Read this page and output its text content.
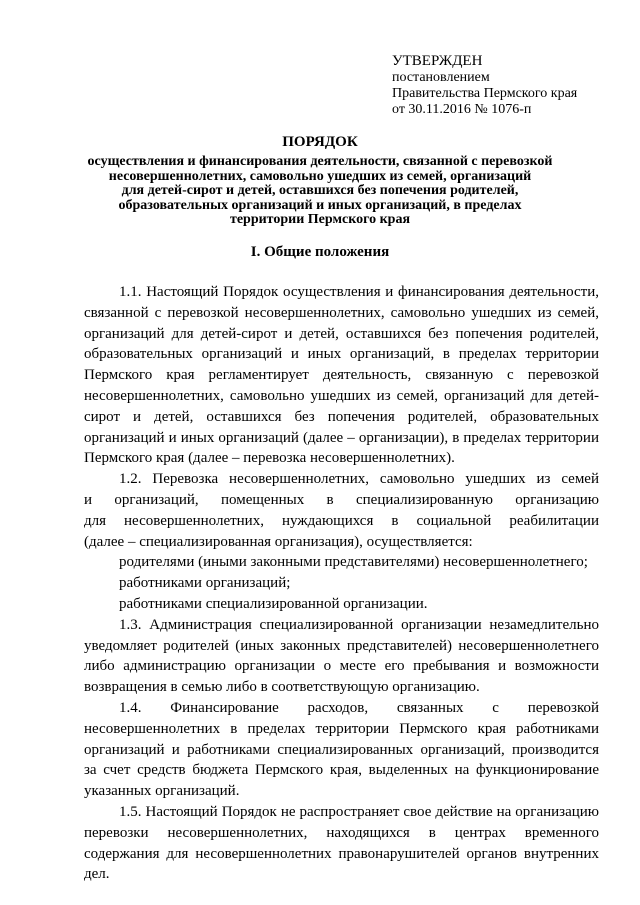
УТВЕРЖДЕН
постановлением
Правительства Пермского края
от 30.11.2016 № 1076-п
ПОРЯДОК
осуществления и финансирования деятельности, связанной с перевозкой
несовершеннолетних, самовольно ушедших из семей, организаций
для детей-сирот и детей, оставшихся без попечения родителей,
образовательных организаций и иных организаций, в пределах
территории Пермского края
I. Общие положения
1.1. Настоящий Порядок осуществления и финансирования деятельности,
связанной с перевозкой несовершеннолетних, самовольно ушедших из семей,
организаций для детей-сирот и детей, оставшихся без попечения родителей,
образовательных организаций и иных организаций, в пределах территории
Пермского края регламентирует деятельность, связанную с перевозкой
несовершеннолетних, самовольно ушедших из семей, организаций для детей-
сирот и детей, оставшихся без попечения родителей, образовательных
организаций и иных организаций (далее – организации), в пределах территории
Пермского края (далее – перевозка несовершеннолетних).
1.2. Перевозка несовершеннолетних, самовольно ушедших из семей
и организаций, помещенных в специализированную организацию
для несовершеннолетних, нуждающихся в социальной реабилитации
(далее – специализированная организация), осуществляется:
родителями (иными законными представителями) несовершеннолетнего;
работниками организаций;
работниками специализированной организации.
1.3. Администрация специализированной организации незамедлительно
уведомляет родителей (иных законных представителей) несовершеннолетнего
либо администрацию организации о месте его пребывания и возможности
возвращения в семью либо в соответствующую организацию.
1.4. Финансирование расходов, связанных с перевозкой
несовершеннолетних в пределах территории Пермского края работниками
организаций и работниками специализированных организаций, производится
за счет средств бюджета Пермского края, выделенных на функционирование
указанных организаций.
1.5. Настоящий Порядок не распространяет свое действие на организацию
перевозки несовершеннолетних, находящихся в центрах временного
содержания для несовершеннолетних правонарушителей органов внутренних
дел.
